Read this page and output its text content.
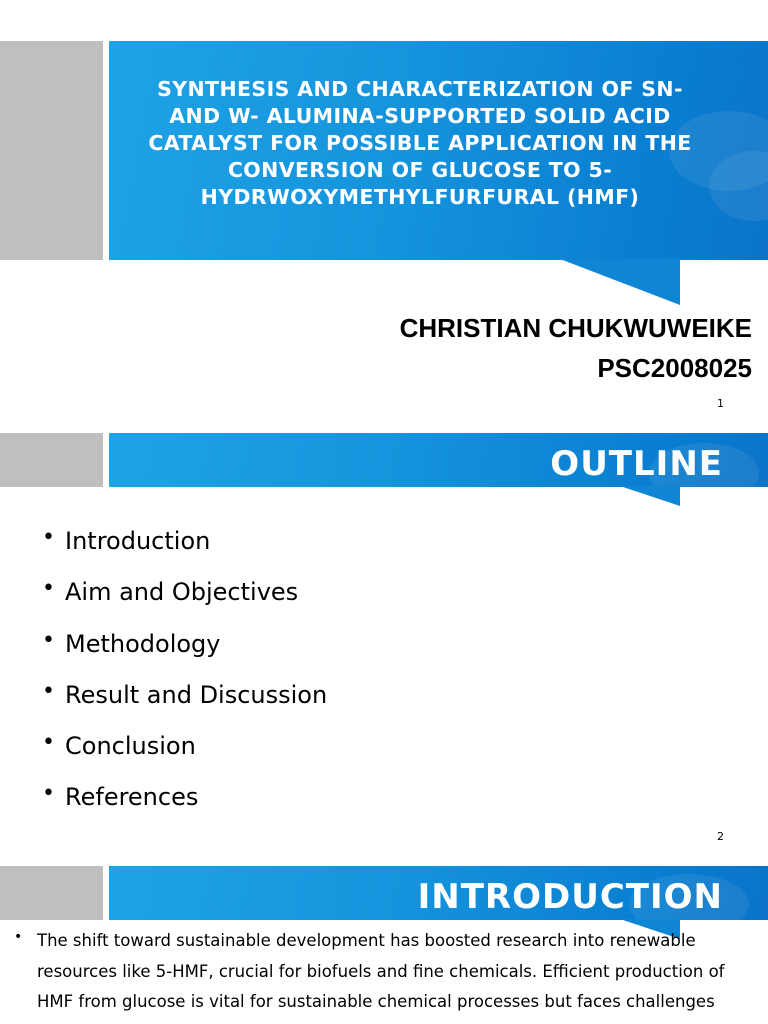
SYNTHESIS AND CHARACTERIZATION OF SN- AND W- ALUMINA-SUPPORTED SOLID ACID CATALYST FOR POSSIBLE APPLICATION IN THE CONVERSION OF GLUCOSE TO 5-HYDRWOXYMETHYLFURFURAL (HMF)
CHRISTIAN CHUKWUWEIKE
PSC2008025
1
OUTLINE
• Introduction
• Aim and Objectives
• Methodology
• Result and Discussion
• Conclusion
• References
2
INTRODUCTION
• The shift toward sustainable development has boosted research into renewable resources like 5-HMF, crucial for biofuels and fine chemicals. Efficient production of HMF from glucose is vital for sustainable chemical processes but faces challenges
